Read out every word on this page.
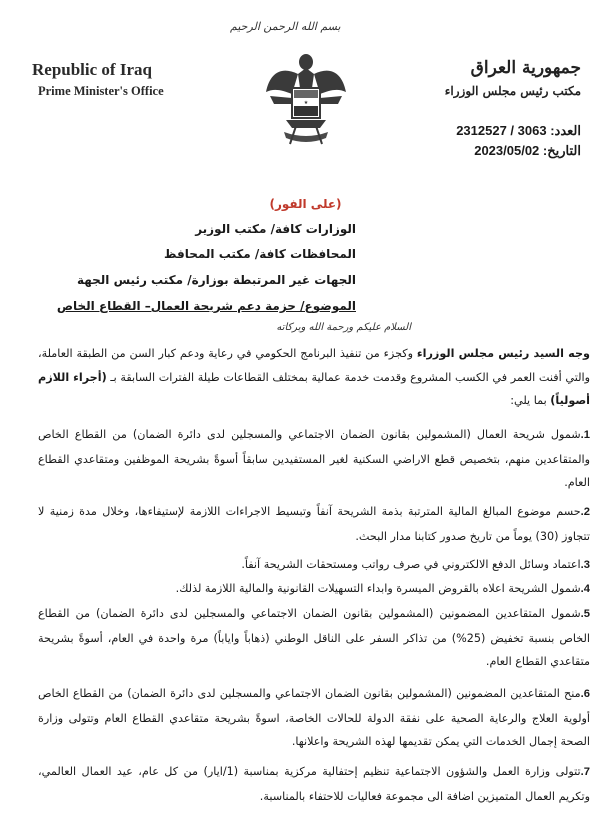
بسم الله الرحمن الرحيم
Republic of Iraq
Prime Minister's Office
جمهورية العراق
مكتب رئيس مجلس الوزراء
★
العدد: 2312527 / 3063
التاريخ: 2023/05/02
(على الفور)
الوزارات كافة/ مكتب الوزير
المحافظات كافة/ مكتب المحافظ
الجهات غير المرتبطة بوزارة/ مكتب رئيس الجهة
الموضوع/ حزمة دعم شريحة العمال– القطاع الخاص
السلام عليكم ورحمة الله وبركاته
وجه السيد رئيس مجلس الوزراء وكجزء من تنفيذ البرنامج الحكومي في رعاية ودعم كبار السن من الطبقة العاملة، والتي أفنت العمر في الكسب المشروع وقدمت خدمة عمالية بمختلف القطاعات طيلة الفترات السابقة بـ (أجراء اللازم أصولياً) بما يلي:
1.شمول شريحة العمال (المشمولين بقانون الضمان الاجتماعي والمسجلين لدى دائرة الضمان) من القطاع الخاص والمتقاعدين منهم، بتخصيص قطع الاراضي السكنية لغير المستفيدين سابقاً أسوةً بشريحة الموظفين ومتقاعدي القطاع العام.
2.حسم موضوع المبالغ المالية المترتبة بذمة الشريحة آنفاً وتبسيط الاجراءات اللازمة لإستيفاءها، وخلال مدة زمنية لا تتجاوز (30) يوماً من تاريخ صدور كتابنا مدار البحث.
3.اعتماد وسائل الدفع الالكتروني في صرف رواتب ومستحقات الشريحة آنفاً.
4.شمول الشريحة اعلاه بالقروض الميسرة وابداء التسهيلات القانونية والمالية اللازمة لذلك.
5.شمول المتقاعدين المضمونين (المشمولين بقانون الضمان الاجتماعي والمسجلين لدى دائرة الضمان) من القطاع الخاص بنسبة تخفيض (25%) من تذاكر السفر على الناقل الوطني (ذهاباً واياباً) مرة واحدة في العام، أسوةً بشريحة متقاعدي القطاع العام.
6.منح المتقاعدين المضمونين (المشمولين بقانون الضمان الاجتماعي والمسجلين لدى دائرة الضمان) من القطاع الخاص أولوية العلاج والرعاية الصحية على نفقة الدولة للحالات الخاصة، اسوةً بشريحة متقاعدي القطاع العام وتتولى وزارة الصحة إجمال الخدمات التي يمكن تقديمها لهذه الشريحة واعلانها.
7.تتولى وزارة العمل والشؤون الاجتماعية تنظيم إحتفالية مركزية بمناسبة (1/ايار) من كل عام، عيد العمال العالمي، وتكريم العمال المتميزين اضافة الى مجموعة فعاليات للاحتفاء بالمناسبة.
